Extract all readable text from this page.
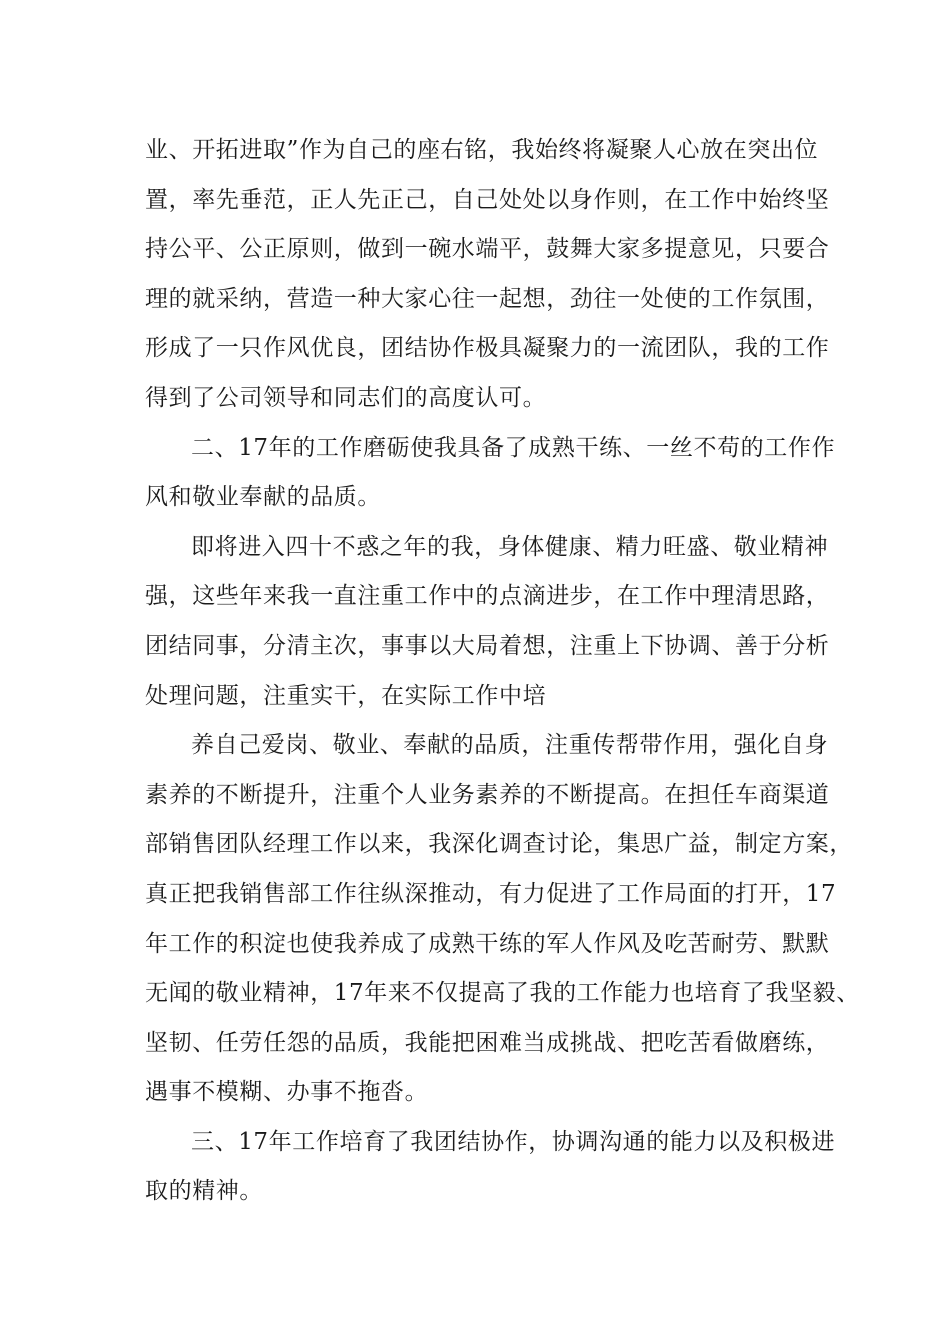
业、开拓进取”作为自己的座右铭，我始终将凝聚人心放在突出位
置，率先垂范，正人先正己，自己处处以身作则，在工作中始终坚
持公平、公正原则，做到一碗水端平，鼓舞大家多提意见，只要合
理的就采纳，营造一种大家心往一起想，劲往一处使的工作氛围，
形成了一只作风优良，团结协作极具凝聚力的一流团队，我的工作
得到了公司领导和同志们的高度认可。
二、17年的工作磨砺使我具备了成熟干练、一丝不苟的工作作
风和敬业奉献的品质。
即将进入四十不惑之年的我，身体健康、精力旺盛、敬业精神
强，这些年来我一直注重工作中的点滴进步，在工作中理清思路，
团结同事，分清主次，事事以大局着想，注重上下协调、善于分析
处理问题，注重实干，在实际工作中培
养自己爱岗、敬业、奉献的品质，注重传帮带作用，强化自身
素养的不断提升，注重个人业务素养的不断提高。在担任车商渠道
部销售团队经理工作以来，我深化调查讨论，集思广益，制定方案，
真正把我销售部工作往纵深推动，有力促进了工作局面的打开，17
年工作的积淀也使我养成了成熟干练的军人作风及吃苦耐劳、默默
无闻的敬业精神，17年来不仅提高了我的工作能力也培育了我坚毅、
坚韧、任劳任怨的品质，我能把困难当成挑战、把吃苦看做磨练，
遇事不模糊、办事不拖沓。
三、17年工作培育了我团结协作，协调沟通的能力以及积极进
取的精神。
